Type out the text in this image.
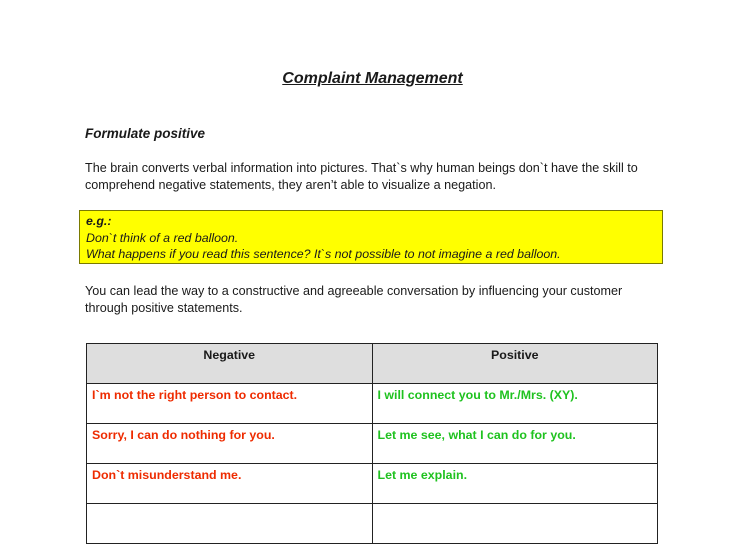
Complaint Management
Formulate positive
The brain converts verbal information into pictures. That`s why human beings don`t have the skill to comprehend negative statements, they aren’t able to visualize a negation.
e.g.:
Don`t think of a red balloon.
What happens if you read this sentence? It`s not possible to not imagine a red balloon.
You can lead the way to a constructive and agreeable conversation by influencing your customer through positive statements.
Negative	Positive
I`m not the right person to contact.	I will connect you to Mr./Mrs. (XY).
Sorry, I can do nothing for you.	Let me see, what I can do for you.
Don`t misunderstand me.	Let me explain.
